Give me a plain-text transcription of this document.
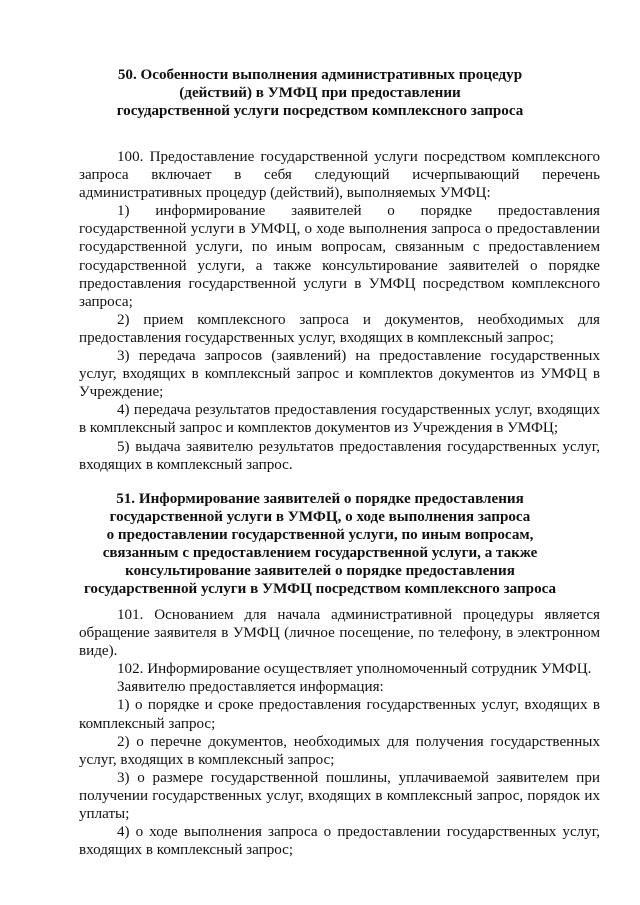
50. Особенности выполнения административных процедур
(действий) в УМФЦ при предоставлении
государственной услуги посредством комплексного запроса

100. Предоставление государственной услуги посредством комплексного запроса включает в себя следующий исчерпывающий перечень административных процедур (действий), выполняемых УМФЦ:

1) информирование заявителей о порядке предоставления государственной услуги в УМФЦ, о ходе выполнения запроса о предоставлении государственной услуги, по иным вопросам, связанным с предоставлением государственной услуги, а также консультирование заявителей о порядке предоставления государственной услуги в УМФЦ посредством комплексного запроса;

2) прием комплексного запроса и документов, необходимых для предоставления государственных услуг, входящих в комплексный запрос;

3) передача запросов (заявлений) на предоставление государственных услуг, входящих в комплексный запрос и комплектов документов из УМФЦ в Учреждение;

4) передача результатов предоставления государственных услуг, входящих в комплексный запрос и комплектов документов из Учреждения в УМФЦ;

5) выдача заявителю результатов предоставления государственных услуг, входящих в комплексный запрос.

51. Информирование заявителей о порядке предоставления
государственной услуги в УМФЦ, о ходе выполнения запроса
о предоставлении государственной услуги, по иным вопросам,
связанным с предоставлением государственной услуги, а также
консультирование заявителей о порядке предоставления
государственной услуги в УМФЦ посредством комплексного запроса

101. Основанием для начала административной процедуры является обращение заявителя в УМФЦ (личное посещение, по телефону, в электронном виде).

102. Информирование осуществляет уполномоченный сотрудник УМФЦ.

Заявителю предоставляется информация:

1) о порядке и сроке предоставления государственных услуг, входящих в комплексный запрос;

2) о перечне документов, необходимых для получения государственных услуг, входящих в комплексный запрос;

3) о размере государственной пошлины, уплачиваемой заявителем при получении государственных услуг, входящих в комплексный запрос, порядок их уплаты;

4) о ходе выполнения запроса о предоставлении государственных услуг, входящих в комплексный запрос;
